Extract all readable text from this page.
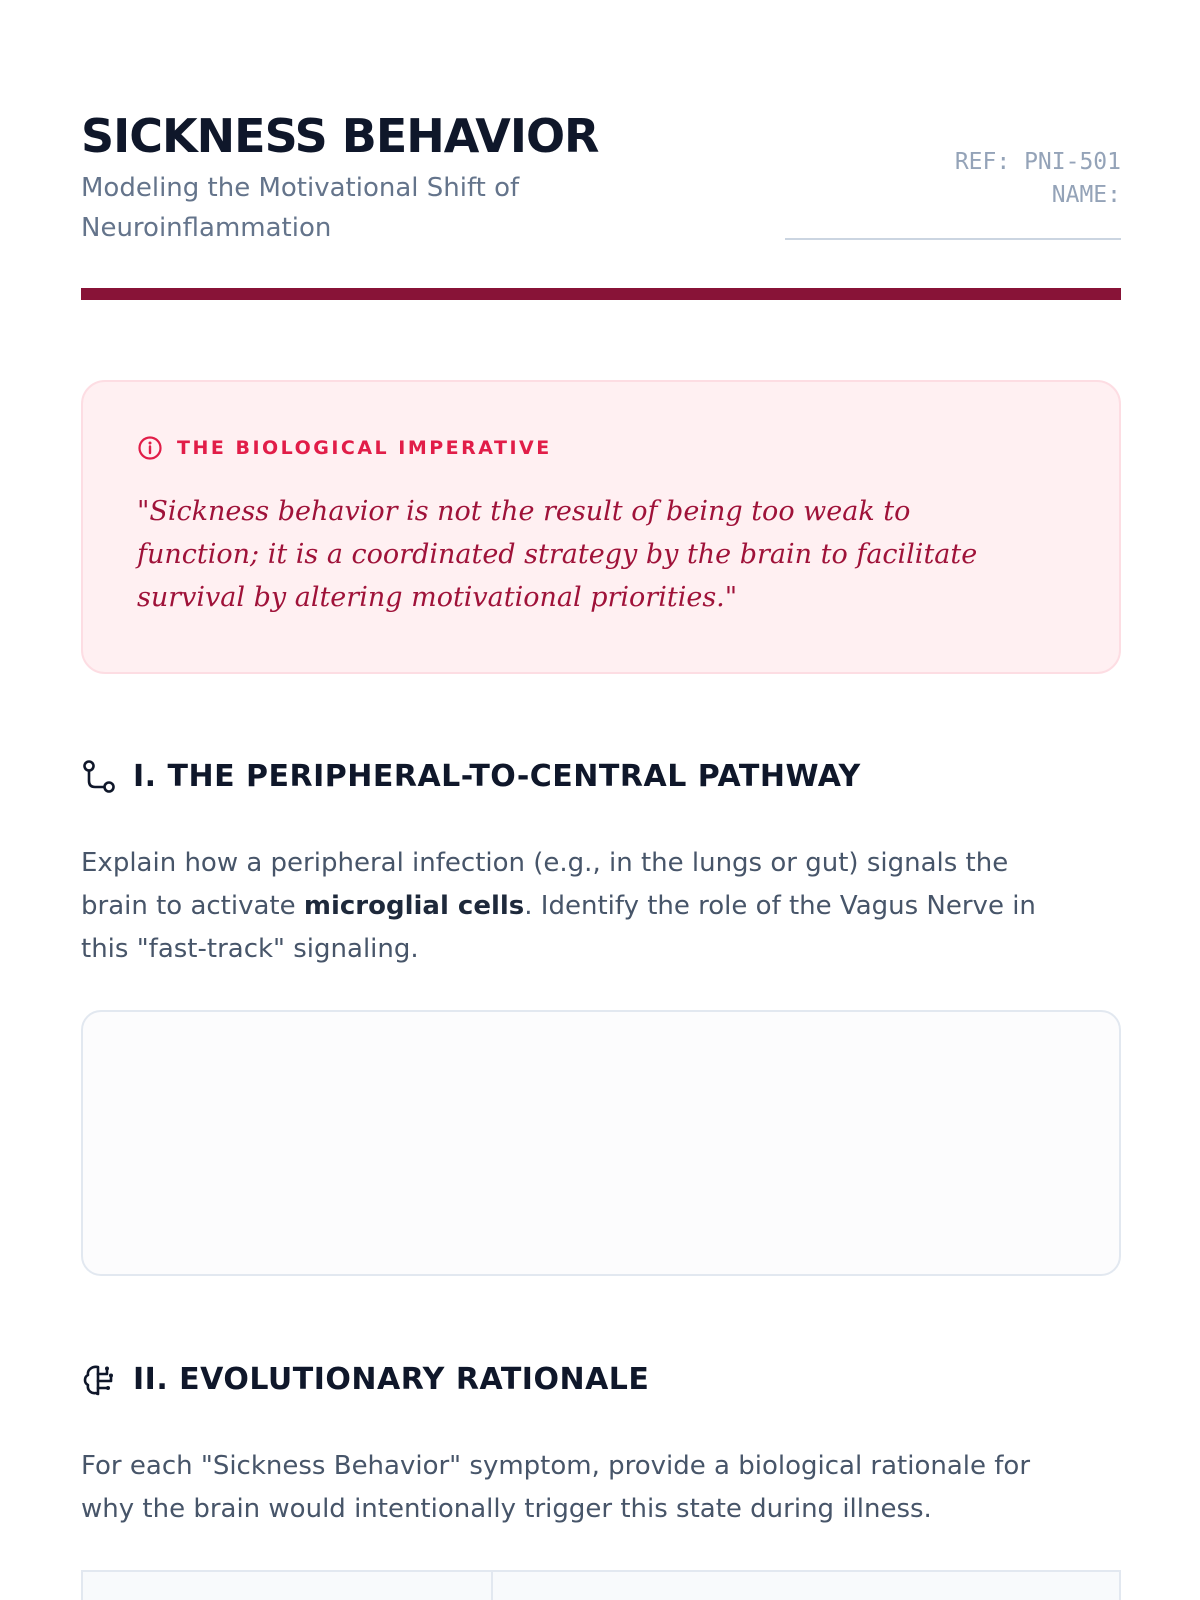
SICKNESS BEHAVIOR

Modeling the Motivational Shift of Neuroinflammation

REF: PNI-501
NAME:
THE BIOLOGICAL IMPERATIVE

"Sickness behavior is not the result of being too weak to function; it is a coordinated strategy by the brain to facilitate survival by altering motivational priorities."

I. THE PERIPHERAL-TO-CENTRAL PATHWAY

Explain how a peripheral infection (e.g., in the lungs or gut) signals the brain to activate microglial cells. Identify the role of the Vagus Nerve in this "fast-track" signaling.

II. EVOLUTIONARY RATIONALE

For each "Sickness Behavior" symptom, provide a biological rationale for why the brain would intentionally trigger this state during illness.
